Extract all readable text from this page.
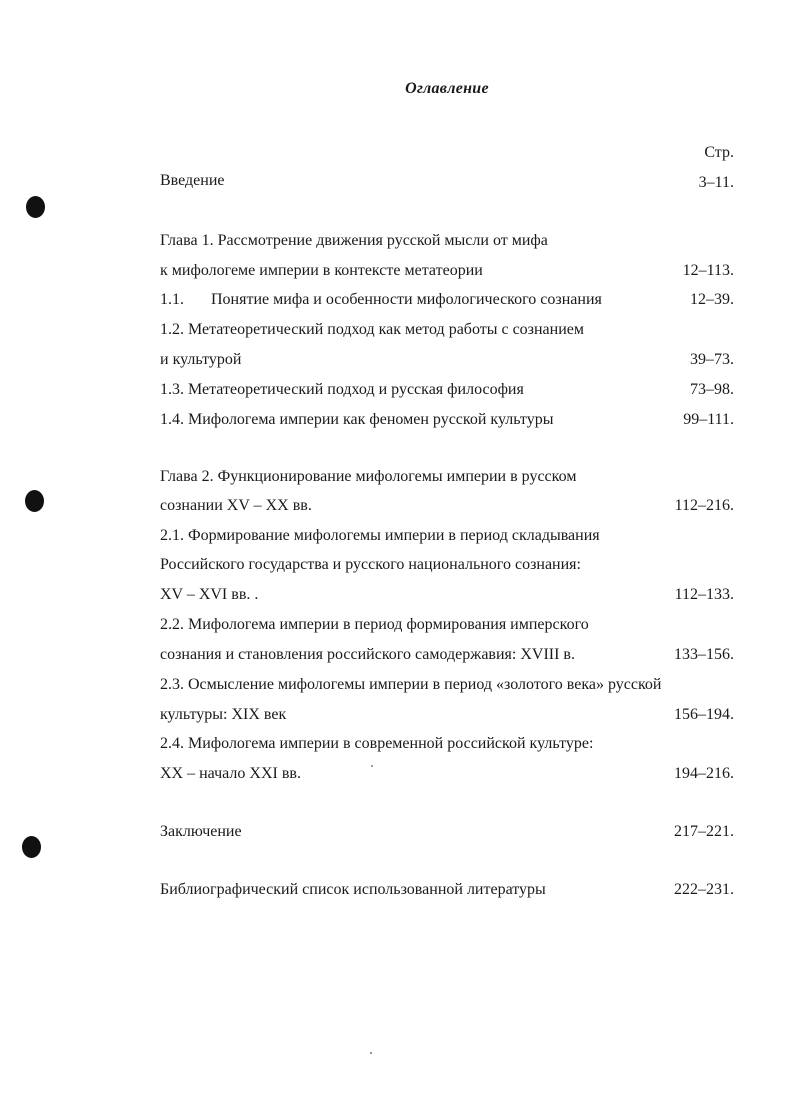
Оглавление
Стр.
Введение	3–11.
Глава 1. Рассмотрение движения русской мысли от мифа
к мифологеме империи в контексте метатеории	12–113.
1.1. Понятие мифа и особенности мифологического сознания	12–39.
1.2. Метатеоретический подход как метод работы с сознанием
и культурой	39–73.
1.3. Метатеоретический подход и русская философия	73–98.
1.4. Мифологема империи как феномен русской культуры	99–111.
Глава 2. Функционирование мифологемы империи в русском
сознании XV – XX вв.	112–216.
2.1. Формирование мифологемы империи в период складывания
Российского государства и русского национального сознания:
XV – XVI вв. .	112–133.
2.2. Мифологема империи в период формирования имперского
сознания и становления российского самодержавия: XVIII в.	133–156.
2.3. Осмысление мифологемы империи в период «золотого века» русской
культуры: XIX век	156–194.
2.4. Мифологема империи в современной российской культуре:
XX – начало XXI вв.	194–216.
Заключение	217–221.
Библиографический список использованной литературы	222–231.
